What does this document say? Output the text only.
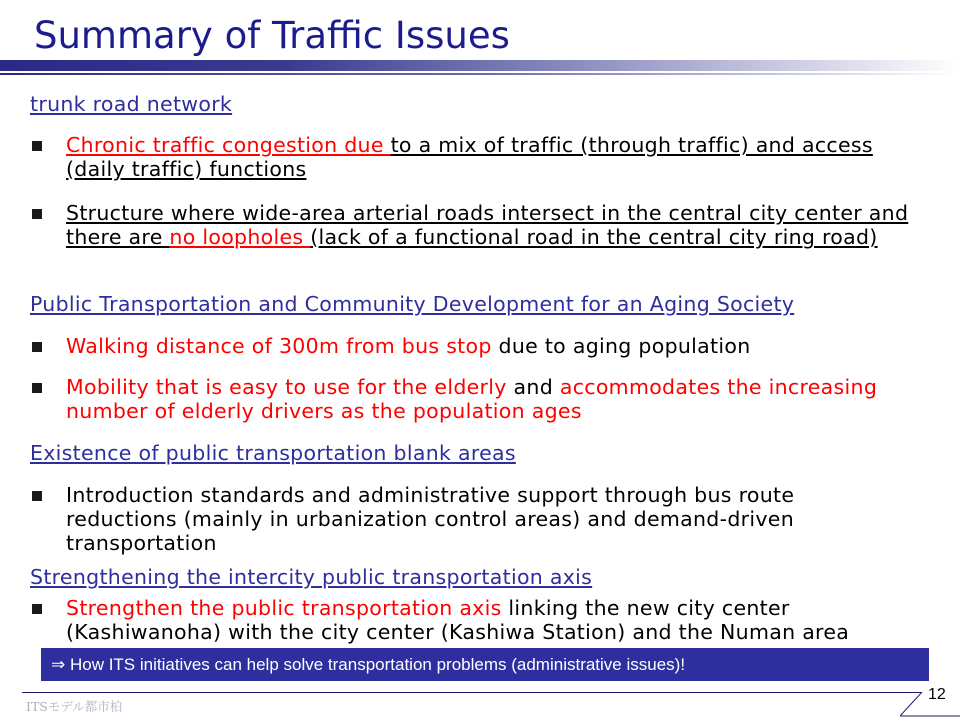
Summary of Traffic Issues
trunk road network
Chronic traffic congestion due to a mix of traffic (through traffic) and access (daily traffic) functions
Structure where wide-area arterial roads intersect in the central city center and there are no loopholes (lack of a functional road in the central city ring road)
Public Transportation and Community Development for an Aging Society
Walking distance of 300m from bus stop due to aging population
Mobility that is easy to use for the elderly and accommodates the increasing number of elderly drivers as the population ages
Existence of public transportation blank areas
Introduction standards and administrative support through bus route reductions (mainly in urbanization control areas) and demand-driven transportation
Strengthening the intercity public transportation axis
Strengthen the public transportation axis linking the new city center (Kashiwanoha) with the city center (Kashiwa Station) and the Numan area
⇒ How ITS initiatives can help solve transportation problems (administrative issues)!
ITSモデル都市柏
12
